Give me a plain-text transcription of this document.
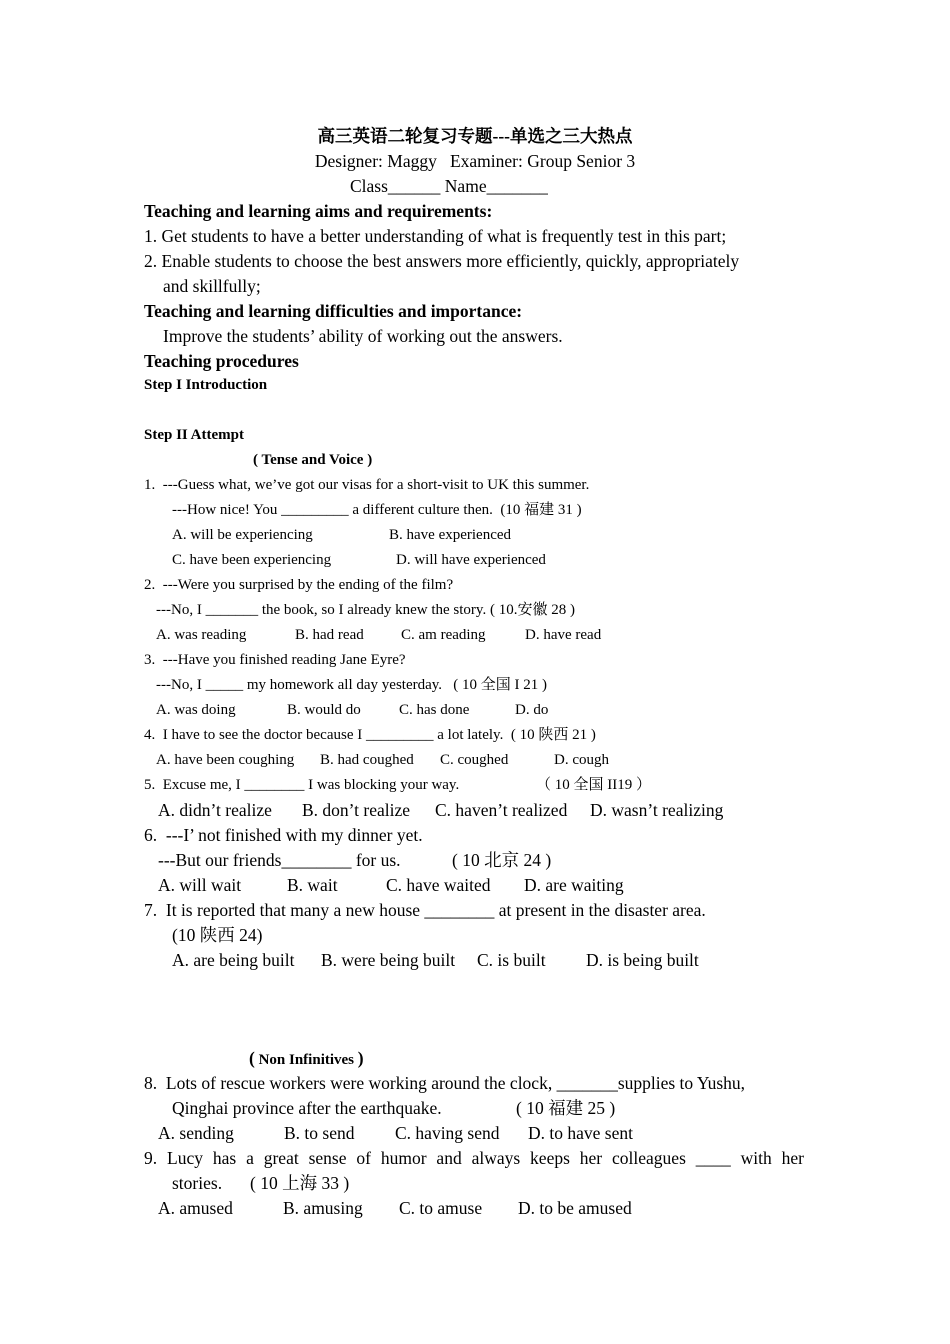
高三英语二轮复习专题---单选之三大热点
Designer: Maggy   Examiner: Group Senior 3
Class______ Name_______
Teaching and learning aims and requirements:
1. Get students to have a better understanding of what is frequently test in this part;
2. Enable students to choose the best answers more efficiently, quickly, appropriately
and skillfully;
Teaching and learning difficulties and importance:
Improve the students’ ability of working out the answers.
Teaching procedures
Step I Introduction
Step II Attempt
( Tense and Voice )
1.  ---Guess what, we’ve got our visas for a short-visit to UK this summer.
---How nice! You _________ a different culture then.  (10 福建 31 )
A. will be experiencing	B. have experienced
C. have been experiencing	D. will have experienced
2.  ---Were you surprised by the ending of the film?
---No, I _______ the book, so I already knew the story. ( 10.安徽 28 )
A. was reading	B. had read C. am reading	D. have read
3.  ---Have you finished reading Jane Eyre?
---No, I _____ my homework all day yesterday.   ( 10 全国 I 21 )
A. was doing	B. would do	C. has done	D. do
4.  I have to see the doctor because I _________ a lot lately.  ( 10 陕西 21 )
A. have been coughing B. had coughed C. coughed	D. cough
5.  Excuse me, I ________ I was blocking your way.	（ 10 全国 II19 ）
A. didn’t realize B. don’t realize C. haven’t realized D. wasn’t realizing
6.  ---I’ not finished with my dinner yet.
---But our friends________ for us.	( 10 北京 24 )
A. will wait	B. wait	C. have waited D. are waiting
7.  It is reported that many a new house ________ at present in the disaster area.
(10 陕西 24)
A. are being built B. were being built C. is built D. is being built
( Non Infinitives )
8.  Lots of rescue workers were working around the clock, _______supplies to Yushu,
Qinghai province after the earthquake.	( 10 福建 25 )
A. sending	B. to send C. having send D. to have sent
9. Lucy has a great sense of humor and always keeps her colleagues ____ with her
stories. ( 10 上海 33 )
A. amused	B. amusing C. to amuse D. to be amused
